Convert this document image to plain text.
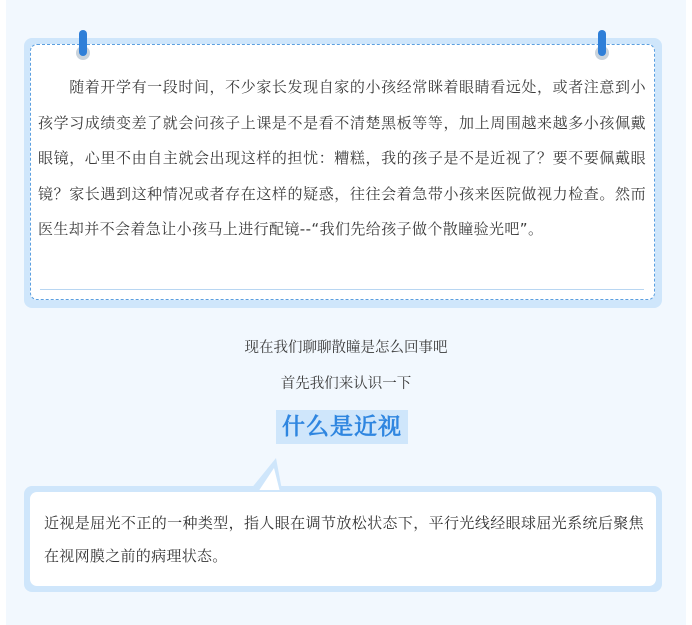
　　随着开学有一段时间，不少家长发现自家的小孩经常眯着眼睛看远处，或者注意到小孩学习成绩变差了就会问孩子上课是不是看不清楚黑板等等，加上周围越来越多小孩佩戴眼镜，心里不由自主就会出现这样的担忧：糟糕，我的孩子是不是近视了？要不要佩戴眼镜？家长遇到这种情况或者存在这样的疑惑，往往会着急带小孩来医院做视力检查。然而医生却并不会着急让小孩马上进行配镜--“我们先给孩子做个散瞳验光吧”。

现在我们聊聊散瞳是怎么回事吧

首先我们来认识一下

什么是近视

近视是屈光不正的一种类型，指人眼在调节放松状态下，平行光线经眼球屈光系统后聚焦在视网膜之前的病理状态。
